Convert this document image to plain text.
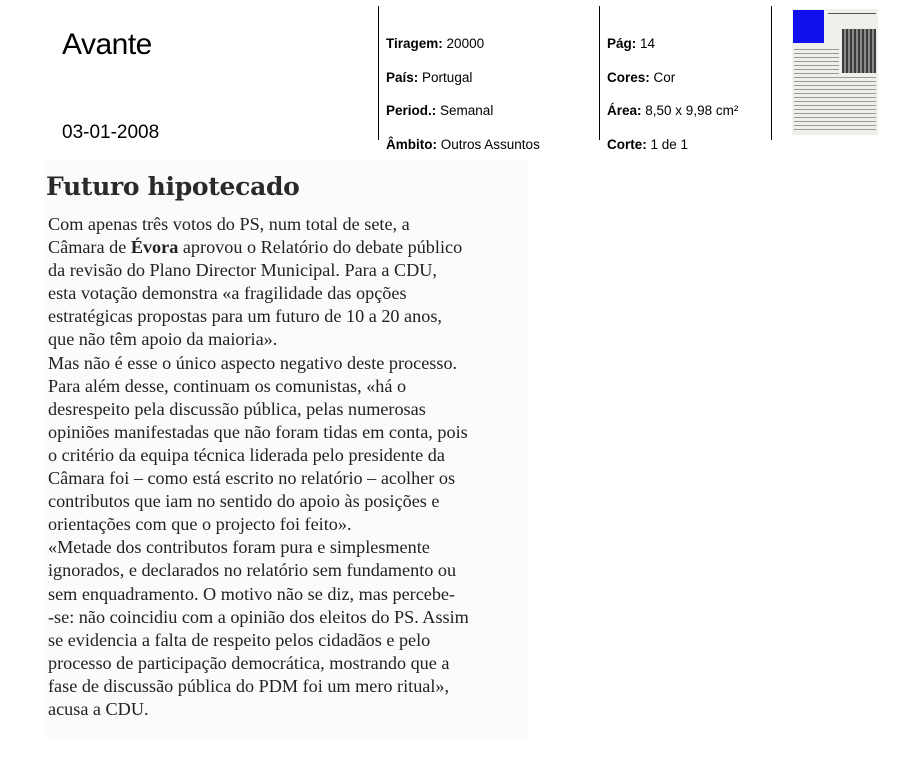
Avante
03-01-2008
Tiragem: 20000
País: Portugal
Period.: Semanal
Âmbito: Outros Assuntos
Pág: 14
Cores: Cor
Área: 8,50 x 9,98 cm²
Corte: 1 de 1
Futuro hipotecado
Com apenas três votos do PS, num total de sete, a
Câmara de Évora aprovou o Relatório do debate público
da revisão do Plano Director Municipal. Para a CDU,
esta votação demonstra «a fragilidade das opções
estratégicas propostas para um futuro de 10 a 20 anos,
que não têm apoio da maioria».
Mas não é esse o único aspecto negativo deste processo.
Para além desse, continuam os comunistas, «há o
desrespeito pela discussão pública, pelas numerosas
opiniões manifestadas que não foram tidas em conta, pois
o critério da equipa técnica liderada pelo presidente da
Câmara foi – como está escrito no relatório – acolher os
contributos que iam no sentido do apoio às posições e
orientações com que o projecto foi feito».
«Metade dos contributos foram pura e simplesmente
ignorados, e declarados no relatório sem fundamento ou
sem enquadramento. O motivo não se diz, mas percebe-
-se: não coincidiu com a opinião dos eleitos do PS. Assim
se evidencia a falta de respeito pelos cidadãos e pelo
processo de participação democrática, mostrando que a
fase de discussão pública do PDM foi um mero ritual»,
acusa a CDU.
